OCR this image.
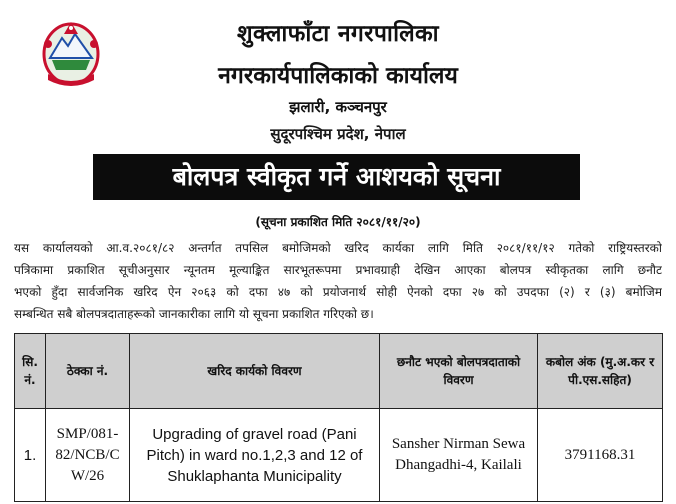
शुक्लाफाँटा नगरपालिका
नगरकार्यपालिकाको कार्यालय
झलारी, कञ्चनपुर
सुदूरपश्चिम प्रदेश, नेपाल
बोलपत्र स्वीकृत गर्ने आशयको सूचना
(सूचना प्रकाशित मिति २०८१/११/२०)
यस कार्यालयको आ.व.२०८१/८२ अन्तर्गत तपसिल बमोजिमको खरिद कार्यका लागि मिति २०८१/११/१२ गतेको राष्ट्रियस्तरको
पत्रिकामा प्रकाशित सूचीअनुसार न्यूनतम मूल्याङ्कित सारभूतरूपमा प्रभावग्राही देखिन आएका बोलपत्र स्वीकृतका लागि छनौट
भएको हुँदा सार्वजनिक खरिद ऐन २०६३ को दफा ४७ को प्रयोजनार्थ सोही ऐनको दफा २७ को उपदफा (२) र (३) बमोजिम
सम्बन्धित सबै बोलपत्रदाताहरूको जानकारीका लागि यो सूचना प्रकाशित गरिएको छ।
सि. नं.	ठेक्का नं.	खरिद कार्यको विवरण	छनौट भएको बोलपत्रदाताको विवरण	कबोल अंक (मु.अ.कर र पी.एस.सहित)
1.	SMP/081-82/NCB/CW/26	Upgrading of gravel road (Pani Pitch) in ward no.1,2,3 and 12 of Shuklaphanta Municipality	Sansher Nirman Sewa Dhangadhi-4, Kailali	3791168.31
